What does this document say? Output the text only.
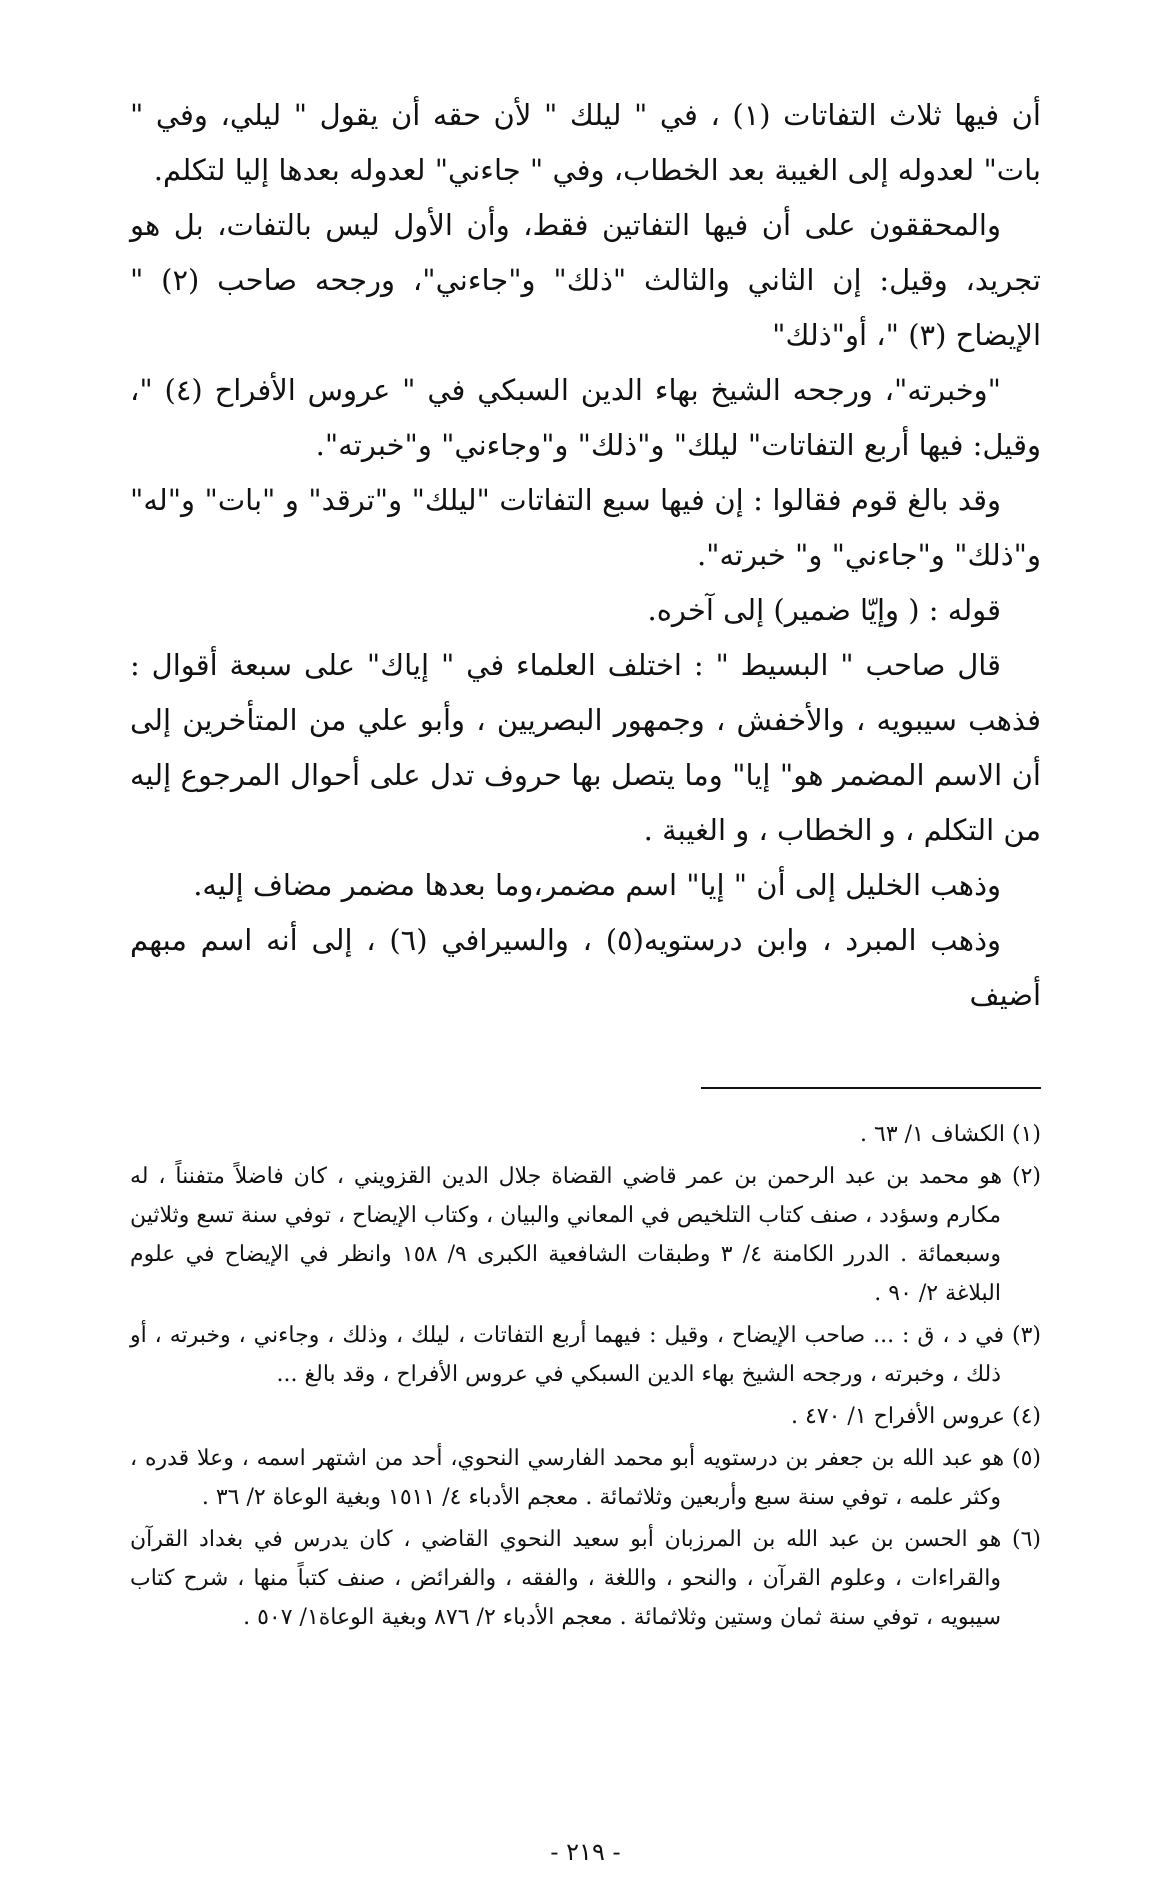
أن فيها ثلاث التفاتات (١) ، في " ليلك " لأن حقه أن يقول " ليلي، وفي " بات" لعدوله إلى الغيبة بعد الخطاب، وفي " جاءني" لعدوله بعدها إليا لتكلم.

والمحققون على أن فيها التفاتين فقط، وأن الأول ليس بالتفات، بل هو تجريد، وقيل: إن الثاني والثالث "ذلك" و"جاءني"، ورجحه صاحب (٢) " الإيضاح (٣) "، أو"ذلك"

"وخبرته"، ورجحه الشيخ بهاء الدين السبكي في " عروس الأفراح (٤) "، وقيل: فيها أربع التفاتات" ليلك" و"ذلك" و"وجاءني" و"خبرته".

وقد بالغ قوم فقالوا : إن فيها سبع التفاتات "ليلك" و"ترقد" و "بات" و"له" و"ذلك" و"جاءني" و" خبرته".

قوله : ( وإيّا ضمير) إلى آخره.

قال صاحب " البسيط " : اختلف العلماء في " إياك" على سبعة أقوال : فذهب سيبويه ، والأخفش ، وجمهور البصريين ، وأبو علي من المتأخرين إلى أن الاسم المضمر هو" إيا" وما يتصل بها حروف تدل على أحوال المرجوع إليه من التكلم ، و الخطاب ، و الغيبة .

وذهب الخليل إلى أن " إيا" اسم مضمر،وما بعدها مضمر مضاف إليه.

وذهب المبرد ، وابن درستويه(٥) ، والسيرافي (٦) ، إلى أنه اسم مبهم أضيف

(١) الكشاف ١/ ٦٣ .

(٢) هو محمد بن عبد الرحمن بن عمر قاضي القضاة جلال الدين القزويني ، كان فاضلاً متفنناً ، له مكارم وسؤدد ، صنف كتاب التلخيص في المعاني والبيان ، وكتاب الإيضاح ، توفي سنة تسع وثلاثين وسبعمائة . الدرر الكامنة ٤/ ٣ وطبقات الشافعية الكبرى ٩/ ١٥٨ وانظر في الإيضاح في علوم البلاغة ٢/ ٩٠ .

(٣) في د ، ق : ... صاحب الإيضاح ، وقيل : فيهما أربع التفاتات ، ليلك ، وذلك ، وجاءني ، وخبرته ، أو ذلك ، وخبرته ، ورجحه الشيخ بهاء الدين السبكي في عروس الأفراح ، وقد بالغ ...

(٤) عروس الأفراح ١/ ٤٧٠ .

(٥) هو عبد الله بن جعفر بن درستويه أبو محمد الفارسي النحوي، أحد من اشتهر اسمه ، وعلا قدره ، وكثر علمه ، توفي سنة سبع وأربعين وثلاثمائة . معجم الأدباء ٤/ ١٥١١ وبغية الوعاة ٢/ ٣٦ .

(٦) هو الحسن بن عبد الله بن المرزبان أبو سعيد النحوي القاضي ، كان يدرس في بغداد القرآن والقراءات ، وعلوم القرآن ، والنحو ، واللغة ، والفقه ، والفرائض ، صنف كتباً منها ، شرح كتاب سيبويه ، توفي سنة ثمان وستين وثلاثمائة . معجم الأدباء ٢/ ٨٧٦ وبغية الوعاة١/ ٥٠٧ .

- ٢١٩ -
